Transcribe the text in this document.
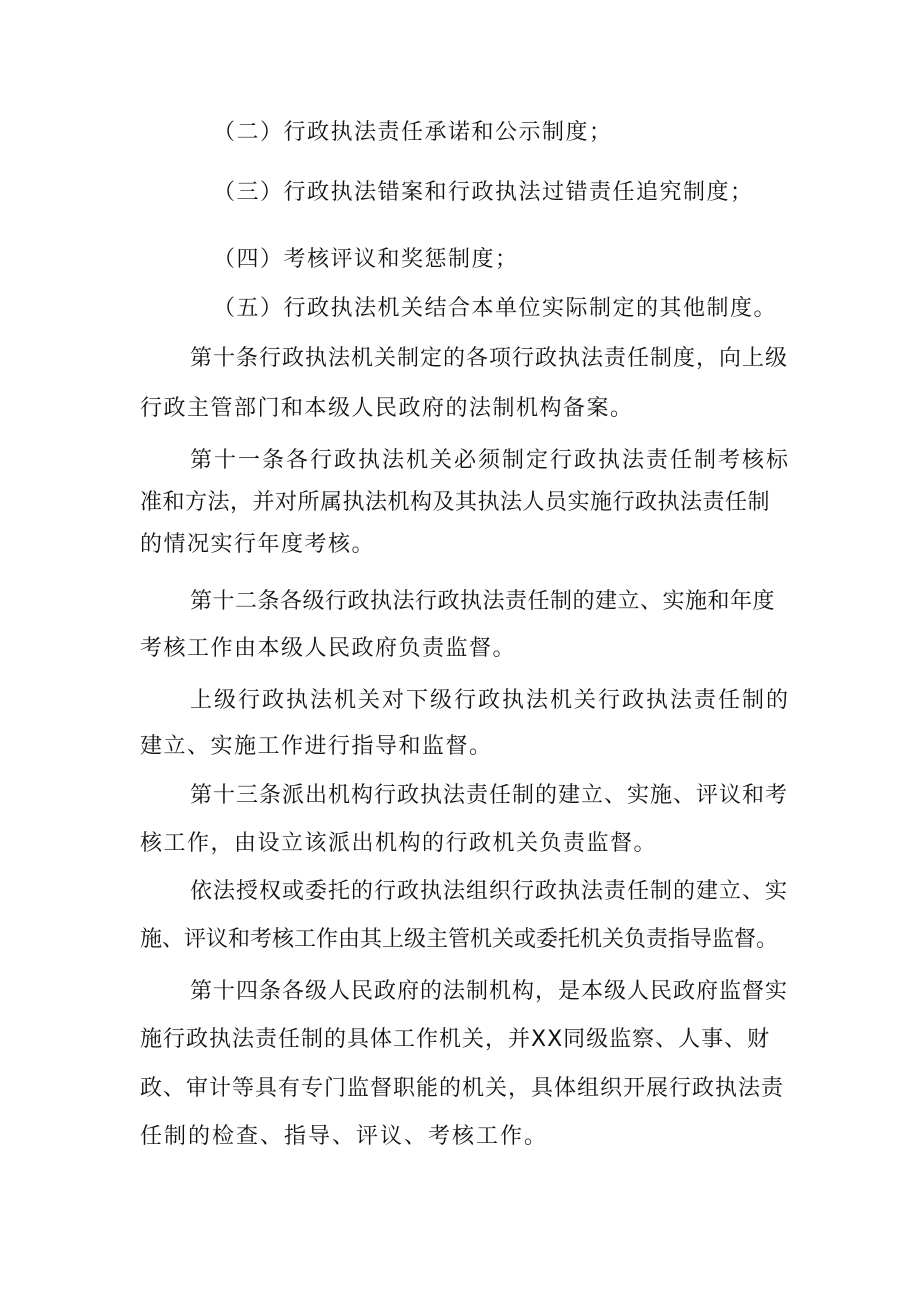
（二）行政执法责任承诺和公示制度；
（三）行政执法错案和行政执法过错责任追究制度；
（四）考核评议和奖惩制度；
（五）行政执法机关结合本单位实际制定的其他制度。
第十条行政执法机关制定的各项行政执法责任制度，向上级
行政主管部门和本级人民政府的法制机构备案。
第十一条各行政执法机关必须制定行政执法责任制考核标
准和方法，并对所属执法机构及其执法人员实施行政执法责任制
的情况实行年度考核。
第十二条各级行政执法行政执法责任制的建立、实施和年度
考核工作由本级人民政府负责监督。
上级行政执法机关对下级行政执法机关行政执法责任制的
建立、实施工作进行指导和监督。
第十三条派出机构行政执法责任制的建立、实施、评议和考
核工作，由设立该派出机构的行政机关负责监督。
依法授权或委托的行政执法组织行政执法责任制的建立、实
施、评议和考核工作由其上级主管机关或委托机关负责指导监督。
第十四条各级人民政府的法制机构，是本级人民政府监督实
施行政执法责任制的具体工作机关，并XX同级监察、人事、财
政、审计等具有专门监督职能的机关，具体组织开展行政执法责
任制的检查、指导、评议、考核工作。
